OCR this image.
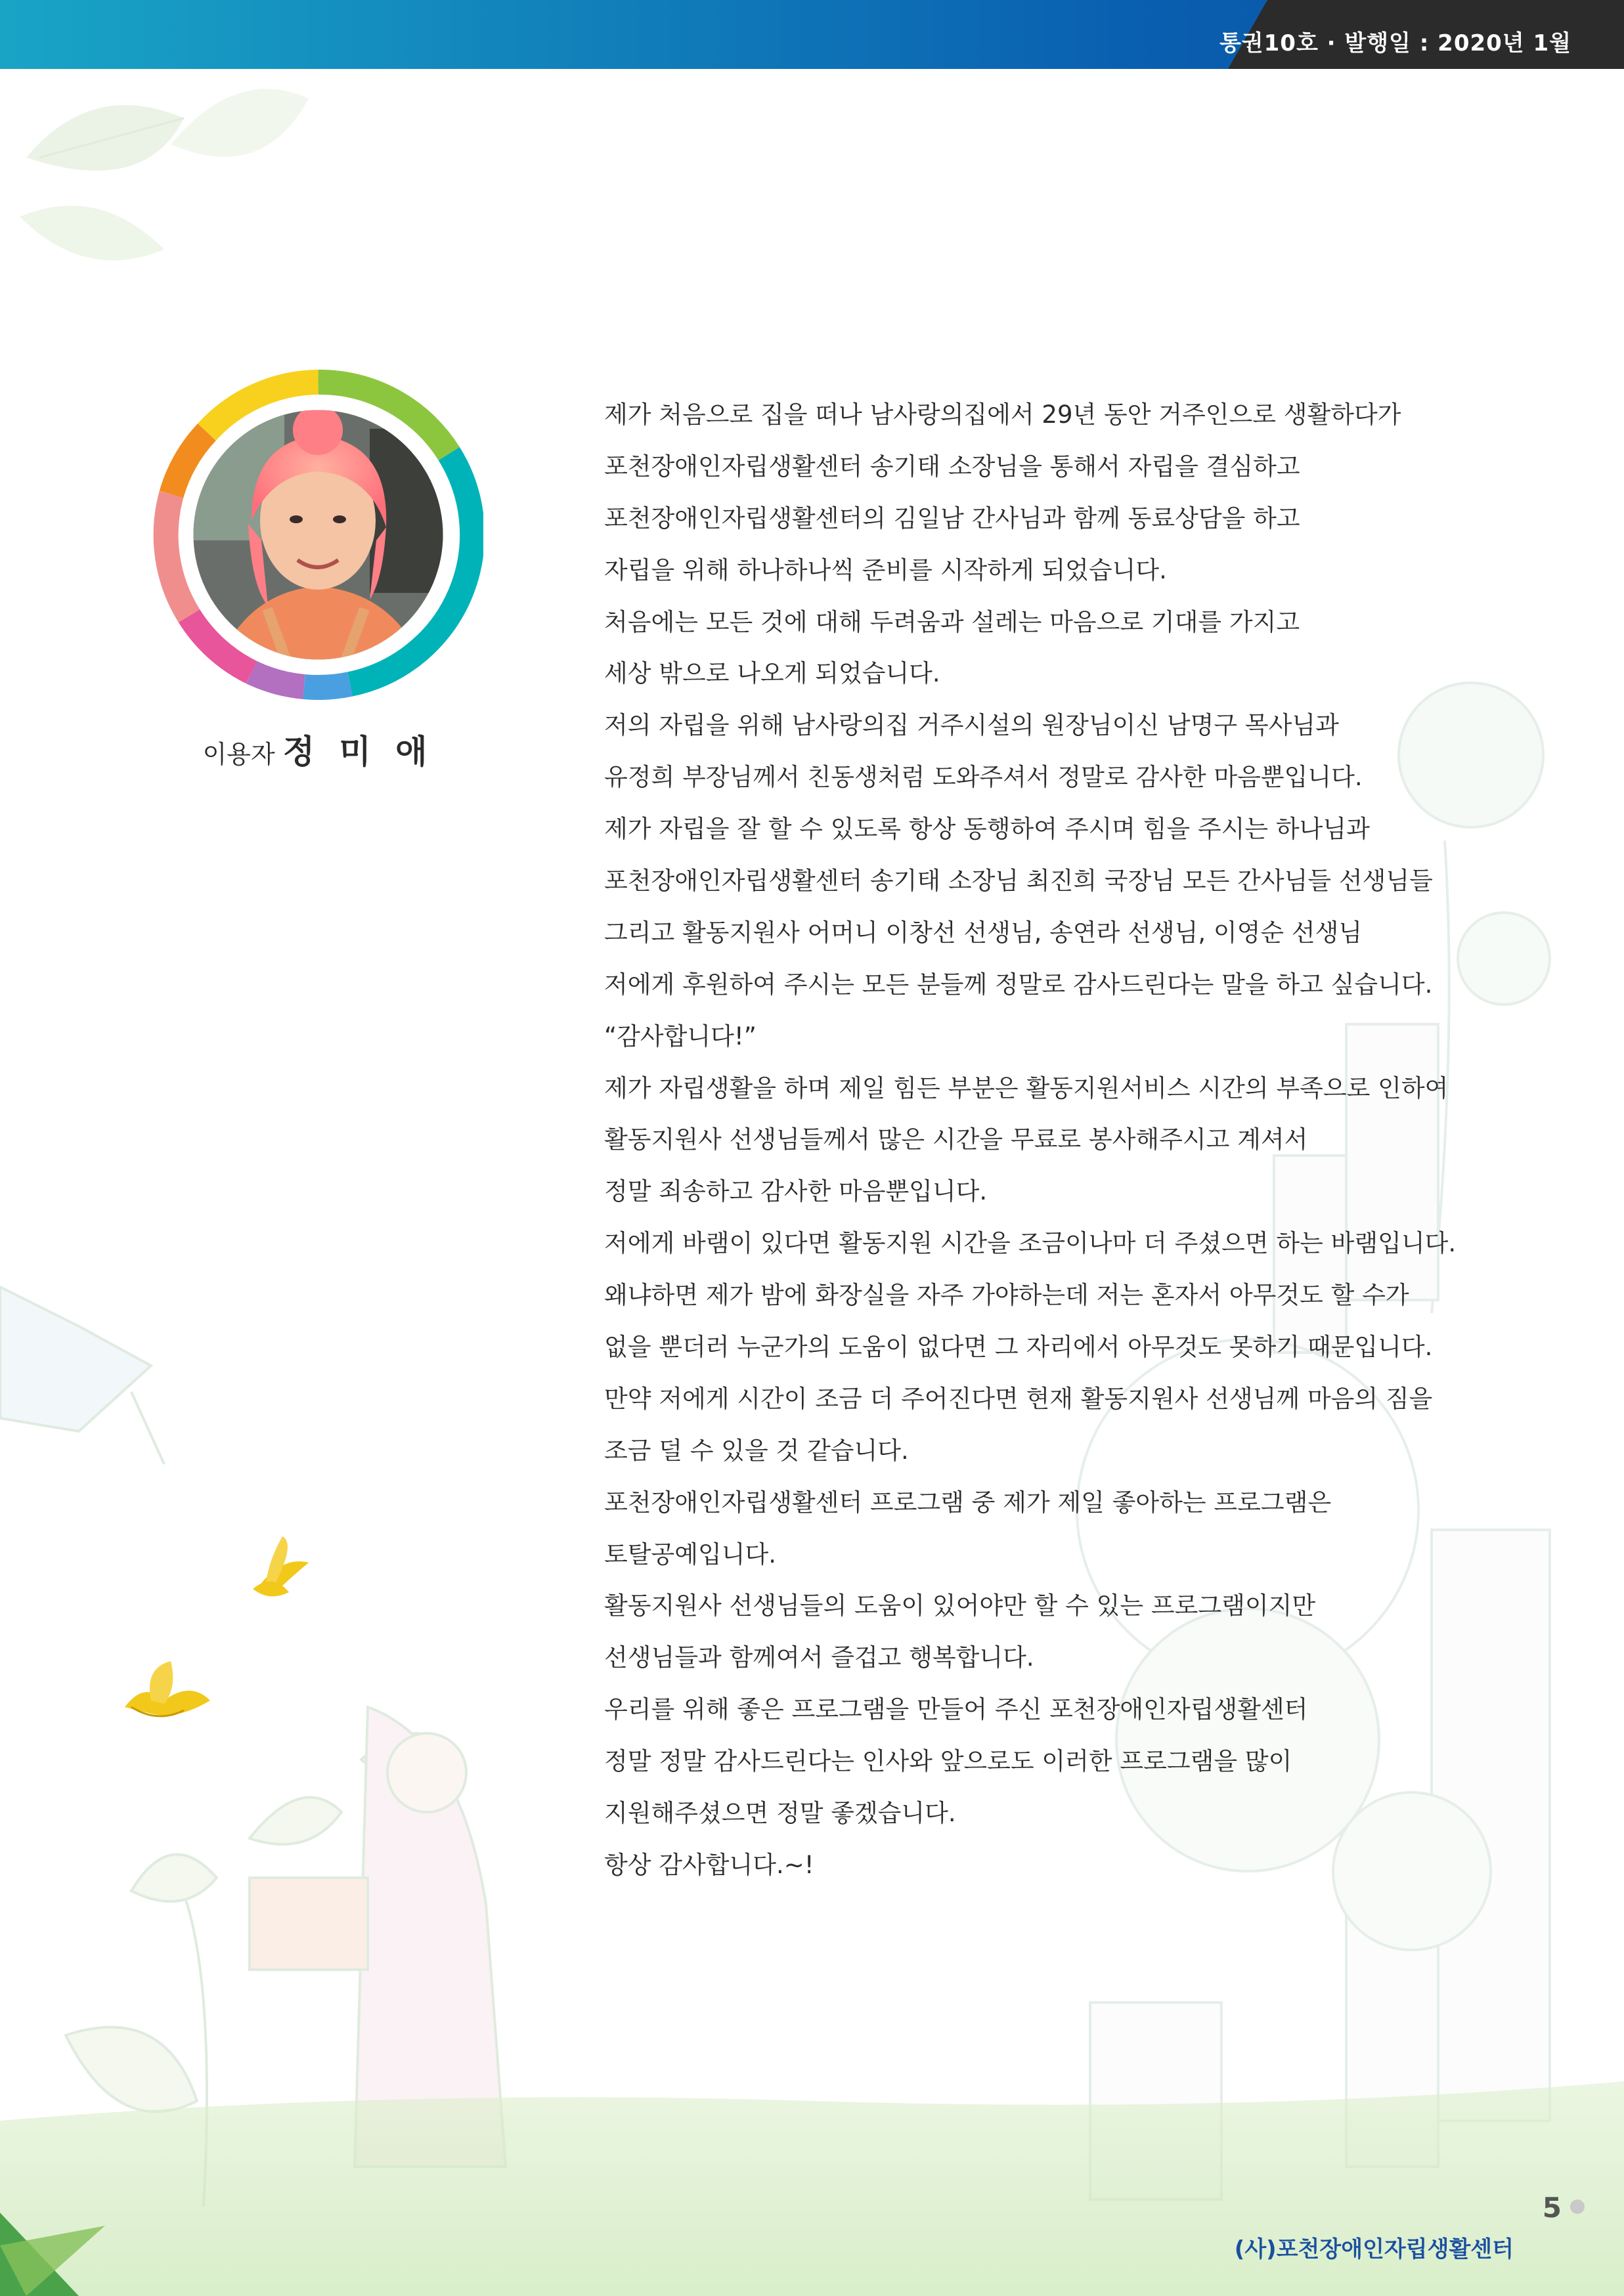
통권10호 · 발행일 : 2020년 1월
이용자 정 미 애

제가 처음으로 집을 떠나 남사랑의집에서 29년 동안 거주인으로 생활하다가

포천장애인자립생활센터 송기태 소장님을 통해서 자립을 결심하고

포천장애인자립생활센터의 김일남 간사님과 함께 동료상담을 하고

자립을 위해 하나하나씩 준비를 시작하게 되었습니다.

처음에는 모든 것에 대해 두려움과 설레는 마음으로 기대를 가지고

세상 밖으로 나오게 되었습니다.

저의 자립을 위해 남사랑의집 거주시설의 원장님이신 남명구 목사님과

유정희 부장님께서 친동생처럼 도와주셔서 정말로 감사한 마음뿐입니다.

제가 자립을 잘 할 수 있도록 항상 동행하여 주시며 힘을 주시는 하나님과

포천장애인자립생활센터 송기태 소장님 최진희 국장님 모든 간사님들 선생님들

그리고 활동지원사 어머니 이창선 선생님, 송연라 선생님, 이영순 선생님

저에게 후원하여 주시는 모든 분들께 정말로 감사드린다는 말을 하고 싶습니다.

“감사합니다!”

제가 자립생활을 하며 제일 힘든 부분은 활동지원서비스 시간의 부족으로 인하여

활동지원사 선생님들께서 많은 시간을 무료로 봉사해주시고 계셔서

정말 죄송하고 감사한 마음뿐입니다.

저에게 바램이 있다면 활동지원 시간을 조금이나마 더 주셨으면 하는 바램입니다.

왜냐하면 제가 밤에 화장실을 자주 가야하는데 저는 혼자서 아무것도 할 수가

없을 뿐더러 누군가의 도움이 없다면 그 자리에서 아무것도 못하기 때문입니다.

만약 저에게 시간이 조금 더 주어진다면 현재 활동지원사 선생님께 마음의 짐을

조금 덜 수 있을 것 같습니다.

포천장애인자립생활센터 프로그램 중 제가 제일 좋아하는 프로그램은

토탈공예입니다.

활동지원사 선생님들의 도움이 있어야만 할 수 있는 프로그램이지만

선생님들과 함께여서 즐겁고 행복합니다.

우리를 위해 좋은 프로그램을 만들어 주신 포천장애인자립생활센터

정말 정말 감사드린다는 인사와 앞으로도 이러한 프로그램을 많이

지원해주셨으면 정말 좋겠습니다.

항상 감사합니다.~!

5
(사)포천장애인자립생활센터
